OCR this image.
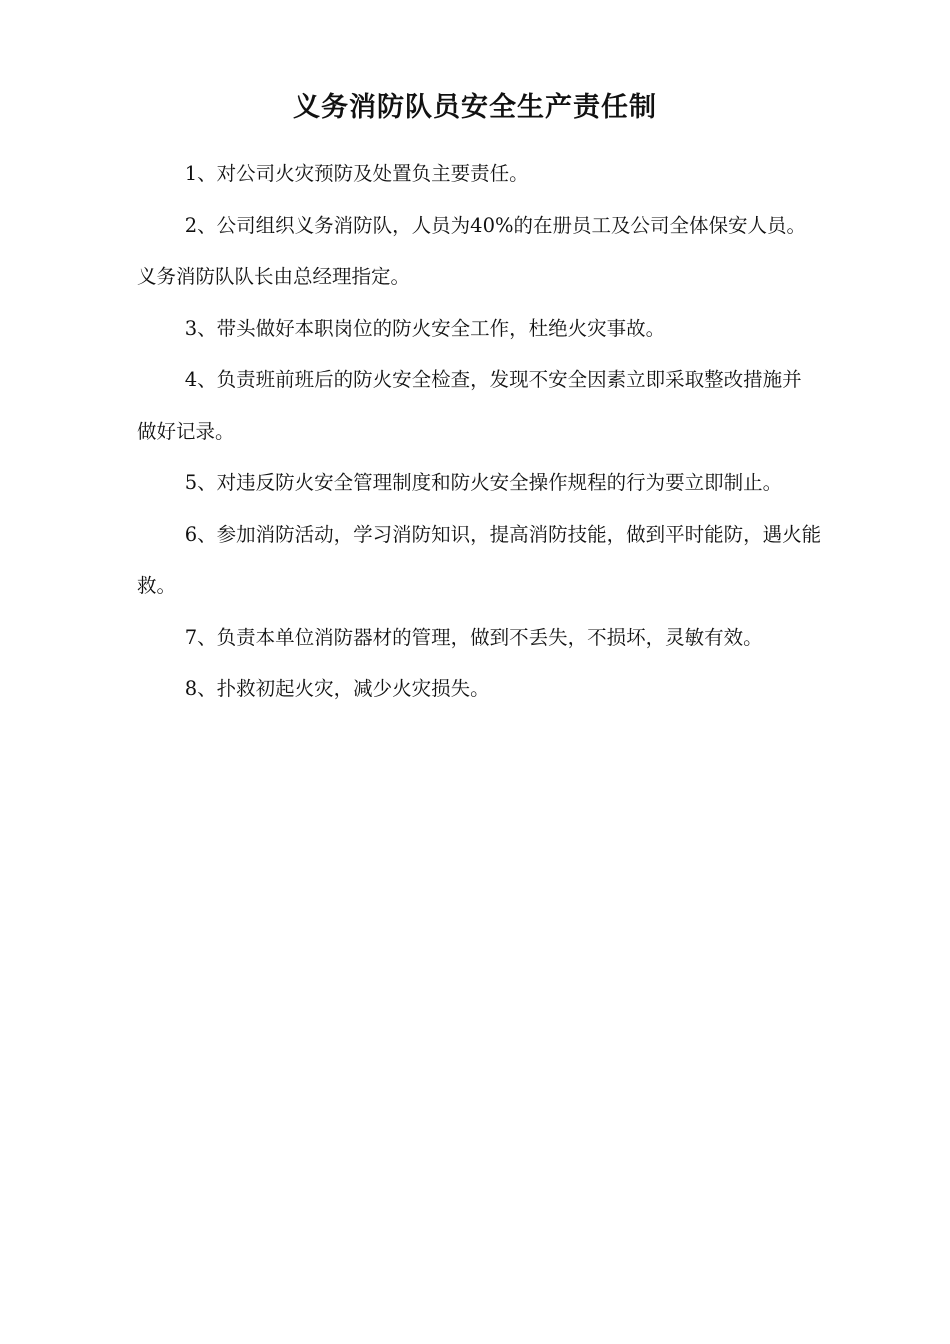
义务消防队员安全生产责任制

1、对公司火灾预防及处置负主要责任。

2、公司组织义务消防队，人员为40%的在册员工及公司全体保安人员。  义务消防队队长由总经理指定。

3、带头做好本职岗位的防火安全工作，杜绝火灾事故。

4、负责班前班后的防火安全检查，发现不安全因素立即采取整改措施并 做好记录。

5、对违反防火安全管理制度和防火安全操作规程的行为要立即制止。

6、参加消防活动，学习消防知识，提高消防技能，做到平时能防，遇火能救。

7、负责本单位消防器材的管理，做到不丢失，不损坏，灵敏有效。

8、扑救初起火灾，减少火灾损失。
